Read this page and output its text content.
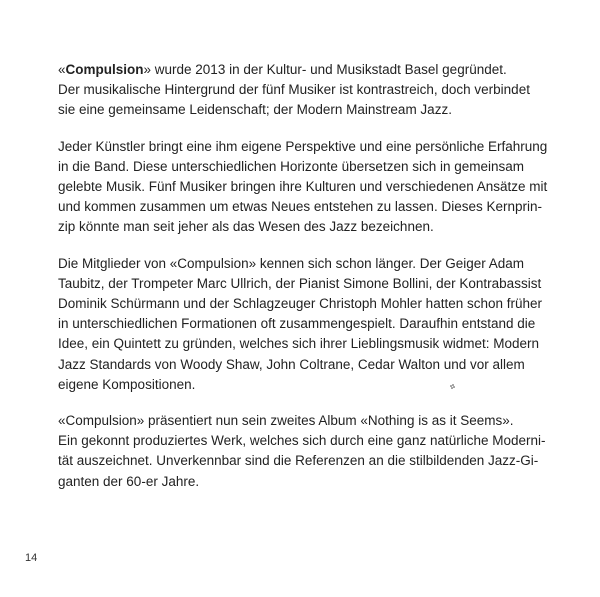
«Compulsion» wurde 2013 in der Kultur- und Musikstadt Basel gegründet.
Der musikalische Hintergrund der fünf Musiker ist kontrastreich, doch verbindet
sie eine gemeinsame Leidenschaft; der Modern Mainstream Jazz.

Jeder Künstler bringt eine ihm eigene Perspektive und eine persönliche Erfahrung
in die Band. Diese unterschiedlichen Horizonte übersetzen sich in gemeinsam
gelebte Musik. Fünf Musiker bringen ihre Kulturen und verschiedenen Ansätze mit
und kommen zusammen um etwas Neues entstehen zu lassen. Dieses Kernprin-
zip könnte man seit jeher als das Wesen des Jazz bezeichnen.

Die Mitglieder von «Compulsion» kennen sich schon länger. Der Geiger Adam
Taubitz, der Trompeter Marc Ullrich, der Pianist Simone Bollini, der Kontrabassist
Dominik Schürmann und der Schlagzeuger Christoph Mohler hatten schon früher
in unterschiedlichen Formationen oft zusammengespielt. Daraufhin entstand die
Idee, ein Quintett zu gründen, welches sich ihrer Lieblingsmusik widmet: Modern
Jazz Standards von Woody Shaw, John Coltrane, Cedar Walton und vor allem
eigene Kompositionen.

«Compulsion» präsentiert nun sein zweites Album «Nothing is as it Seems».
Ein gekonnt produziertes Werk, welches sich durch eine ganz natürliche Moderni-
tät auszeichnet. Unverkennbar sind die Referenzen an die stilbildenden Jazz-Gi-
ganten der 60-er Jahre.

14
